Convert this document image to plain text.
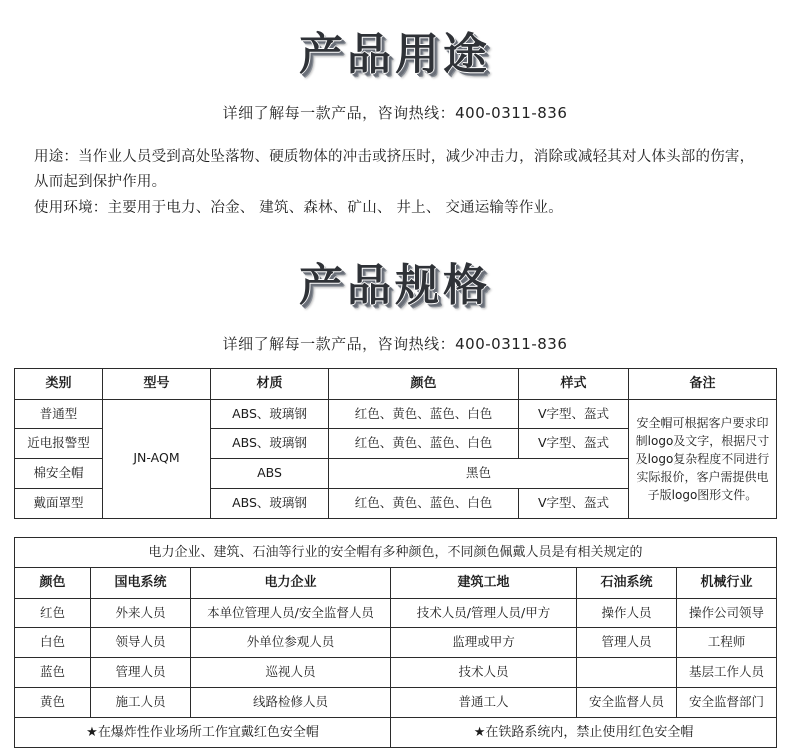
产品用途
详细了解每一款产品，咨询热线：400-0311-836

用途：当作业人员受到高处坠落物、硬质物体的冲击或挤压时，减少冲击力，消除或减轻其对人体头部的伤害，从而起到保护作用。

使用环境：主要用于电力、冶金、 建筑、森林、矿山、 井上、 交通运输等作业。

产品规格
详细了解每一款产品，咨询热线：400-0311-836
类别	型号	材质	颜色	样式	备注
普通型	JN-AQM	ABS、玻璃钢	红色、黄色、蓝色、白色	V字型、盔式	安全帽可根据客户要求印制logo及文字，根据尺寸及logo复杂程度不同进行实际报价，客户需提供电子版logo图形文件。
近电报警型		ABS、玻璃钢	红色、黄色、蓝色、白色	V字型、盔式	
棉安全帽		ABS	黑色		
戴面罩型		ABS、玻璃钢	红色、黄色、蓝色、白色	V字型、盔式	
电力企业、建筑、石油等行业的安全帽有多种颜色，不同颜色佩戴人员是有相关规定的					
颜色	国电系统	电力企业	建筑工地	石油系统	机械行业
红色	外来人员	本单位管理人员/安全监督人员	技术人员/管理人员/甲方	操作人员	操作公司领导
白色	领导人员	外单位参观人员	监理或甲方	管理人员	工程师
蓝色	管理人员	巡视人员	技术人员		基层工作人员
黄色	施工人员	线路检修人员	普通工人	安全监督人员	安全监督部门
★在爆炸性作业场所工作宜戴红色安全帽			★在铁路系统内，禁止使用红色安全帽		
